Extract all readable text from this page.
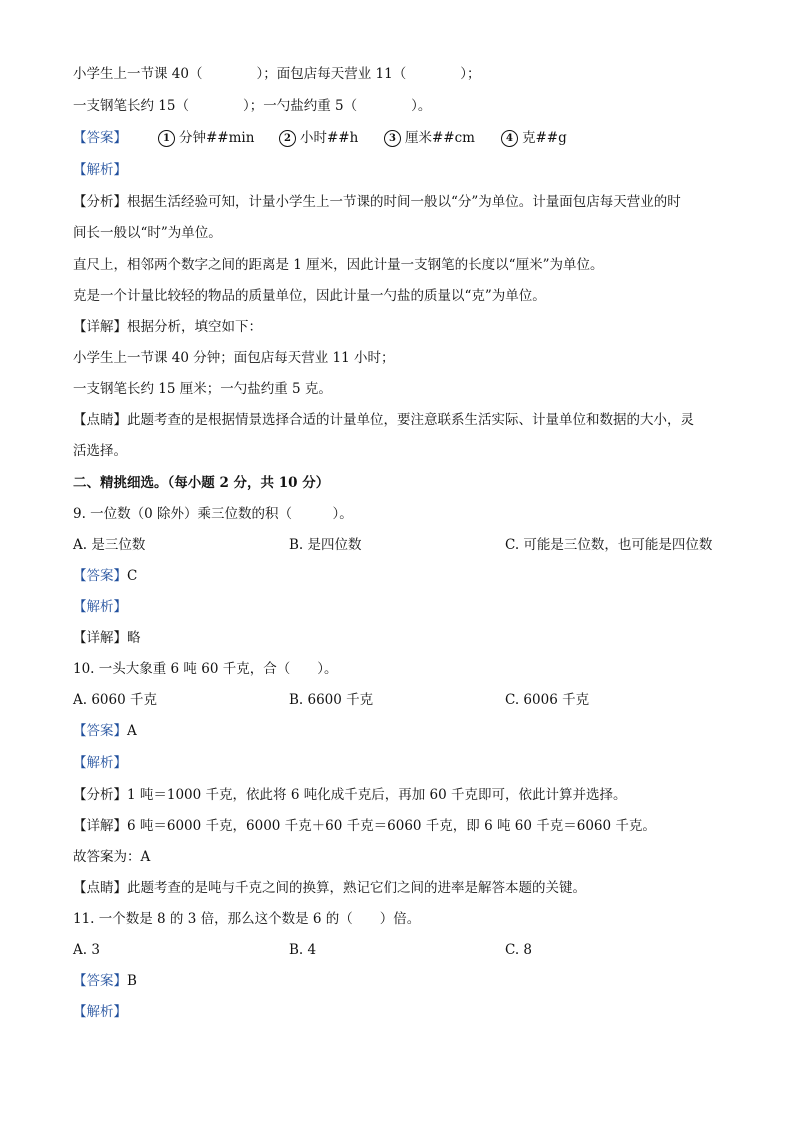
小学生上一节课 40（　　　　）；面包店每天营业 11（　　　　）；
一支钢笔长约 15（　　　　）；一勺盐约重 5（　　　　）。
【答案】	1 分钟##min	2 小时##h	3 厘米##cm	4 克##g
【解析】
【分析】根据生活经验可知，计量小学生上一节课的时间一般以“分”为单位。计量面包店每天营业的时
间长一般以“时”为单位。
直尺上，相邻两个数字之间的距离是 1 厘米，因此计量一支钢笔的长度以“厘米”为单位。
克是一个计量比较轻的物品的质量单位，因此计量一勺盐的质量以“克”为单位。
【详解】根据分析，填空如下：
小学生上一节课 40 分钟；面包店每天营业 11 小时；
一支钢笔长约 15 厘米；一勺盐约重 5 克。
【点睛】此题考查的是根据情景选择合适的计量单位，要注意联系生活实际、计量单位和数据的大小，灵
活选择。
二、精挑细选。（每小题 2 分，共 10 分）
9. 一位数（0 除外）乘三位数的积（　　　）。
A. 是三位数	B. 是四位数	C. 可能是三位数，也可能是四位数
【答案】C
【解析】
【详解】略
10. 一头大象重 6 吨 60 千克，合（　　）。
A. 6060 千克	B. 6600 千克	C. 6006 千克
【答案】A
【解析】
【分析】1 吨＝1000 千克，依此将 6 吨化成千克后，再加 60 千克即可，依此计算并选择。
【详解】6 吨＝6000 千克，6000 千克＋60 千克＝6060 千克，即 6 吨 60 千克＝6060 千克。
故答案为：A
【点睛】此题考查的是吨与千克之间的换算，熟记它们之间的进率是解答本题的关键。
11. 一个数是 8 的 3 倍，那么这个数是 6 的（　　）倍。
A. 3	B. 4	C. 8
【答案】B
【解析】
